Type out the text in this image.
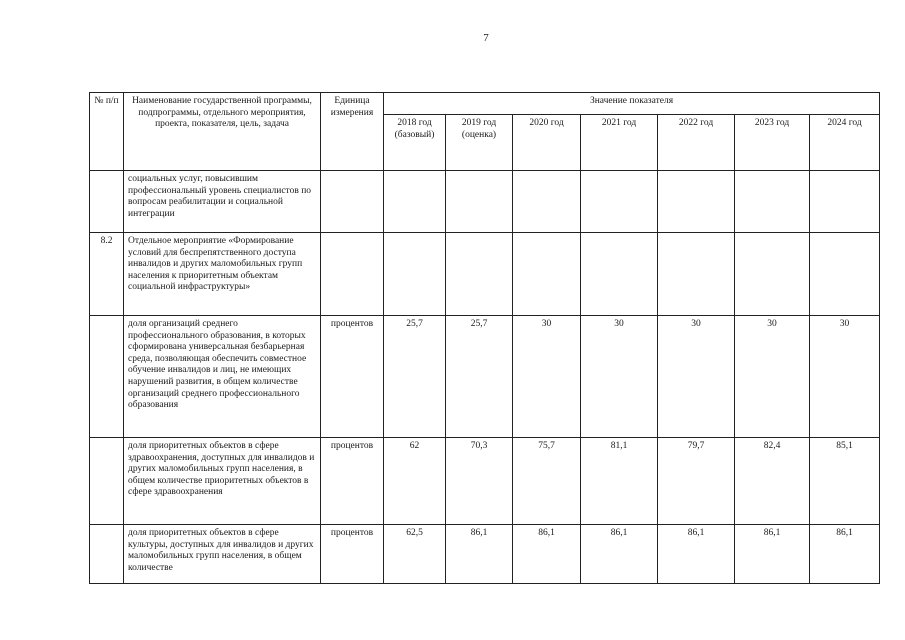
7
№ п/п	Наименование государственной программы, подпрограммы, отдельного мероприятия, проекта, показателя, цель, задача	Единица измерения	Значение показателя						
			2018 год (базовый)	2019 год (оценка)	2020 год	2021 год	2022 год	2023 год	2024 год
	социальных услуг, повысившим профессиональный уровень специалистов по вопросам реабилитации и социальной интеграции								
8.2	Отдельное мероприятие «Формирование условий для беспрепятственного доступа инвалидов и других маломобильных групп населения к приоритетным объектам социальной инфраструктуры»								
	доля организаций среднего профессионального образования, в которых сформирована универсальная безбарьерная среда, позволяющая обеспечить совместное обучение инвалидов и лиц, не имеющих нарушений развития, в общем количестве организаций среднего профессионального образования	процентов	25,7	25,7	30	30	30	30	30
	доля приоритетных объектов в сфере здравоохранения, доступных для инвалидов и других маломобильных групп населения, в общем количестве приоритетных объектов в сфере здравоохранения	процентов	62	70,3	75,7	81,1	79,7	82,4	85,1
	доля приоритетных объектов в сфере культуры, доступных для инвалидов и других маломобильных групп населения, в общем количестве	процентов	62,5	86,1	86,1	86,1	86,1	86,1	86,1
